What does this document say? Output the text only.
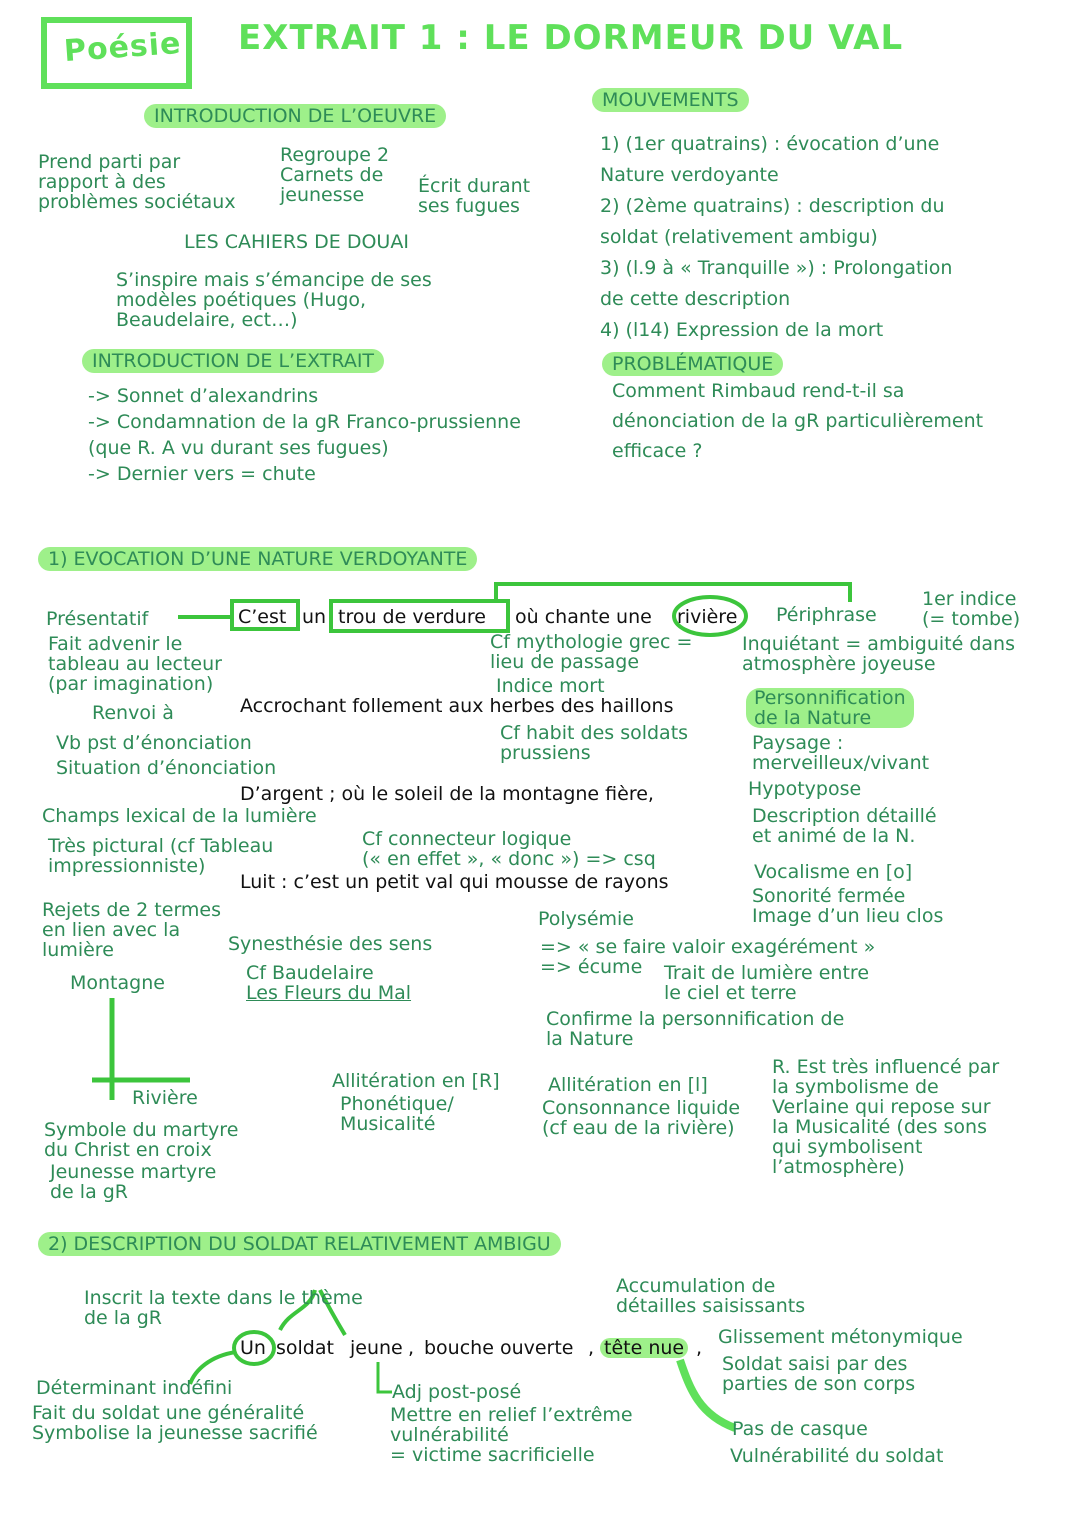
Poésie EXTRAIT 1 : LE DORMEUR DU VAL
INTRODUCTION DE L’OEUVRE
Prend parti par
rapport à des
problèmes sociétaux
Regroupe 2
Carnets de
jeunesse	Écrit durant
ses fugues
LES CAHIERS DE DOUAI
S’inspire mais s’émancipe de ses
modèles poétiques (Hugo,
Beaudelaire, ect…)
INTRODUCTION DE L’EXTRAIT
-> Sonnet d’alexandrins
-> Condamnation de la gR Franco-prussienne
(que R. A vu durant ses fugues)
-> Dernier vers = chute
MOUVEMENTS
1) (1er quatrains) : évocation d’une
Nature verdoyante
2) (2ème quatrains) : description du
soldat (relativement ambigu)
3) (l.9 à « Tranquille ») : Prolongation
de cette description
4) (l14) Expression de la mort
PROBLÉMATIQUE
Comment Rimbaud rend-t-il sa
dénonciation de la gR particulièrement
efficace ?
1) EVOCATION D’UNE NATURE VERDOYANTE
C’est un trou de verdure où chante une rivière
Accrochant follement aux herbes des haillons
D’argent ; où le soleil de la montagne fière,
Luit : c’est un petit val qui mousse de rayons
Présentatif
Fait advenir le
tableau au lecteur
(par imagination)
Renvoi à
Vb pst d’énonciation
Situation d’énonciation
Cf mythologie grec =
lieu de passage
Indice mort
Cf habit des soldats
prussiens
Périphrase
1er indice
(= tombe)
Inquiétant = ambiguité dans
atmosphère joyeuse
Personnification
de la Nature
Paysage :
merveilleux/vivant
Hypotypose
Description détaillé
et animé de la N.
Champs lexical de la lumière
Très pictural (cf Tableau
impressionniste)
Cf connecteur logique
(« en effet », « donc ») => csq
Vocalisme en [o]
Sonorité fermée
Image d’un lieu clos
Rejets de 2 termes
en lien avec la
lumière
Polysémie
=> « se faire valoir exagérément »
=> écume	Trait de lumière entre
le ciel et terre
Synesthésie des sens
Cf Baudelaire
Les Fleurs du Mal
Montagne
Confirme la personnification de
la Nature
Rivière
Symbole du martyre
du Christ en croix
Jeunesse martyre
de la gR
Allitération en [R]
Phonétique/
Musicalité
Allitération en [l]
Consonnance liquide
(cf eau de la rivière)
R. Est très influencé par
la symbolisme de
Verlaine qui repose sur
la Musicalité (des sons
qui symbolisent
l’atmosphère)
2) DESCRIPTION DU SOLDAT RELATIVEMENT AMBIGU
Inscrit la texte dans le thème
de la gR
Accumulation de
détailles saisissants
Un soldat jeune , bouche ouverte , tête nue , Glissement métonymique
Soldat saisi par des
parties de son corps
Déterminant indéfini
Fait du soldat une généralité
Symbolise la jeunesse sacrifié
Adj post-posé
Mettre en relief l’extrême
vulnérabilité
= victime sacrificielle
Pas de casque
Vulnérabilité du soldat
